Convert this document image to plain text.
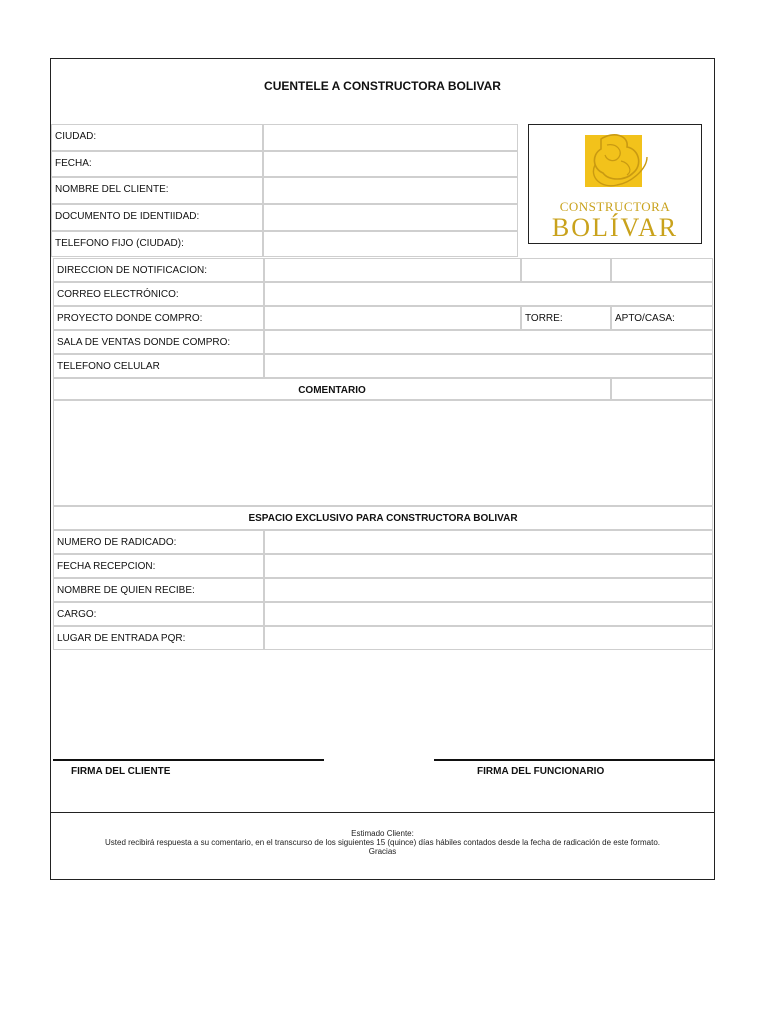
CUENTELE A CONSTRUCTORA BOLIVAR
CIUDAD:
FECHA:
NOMBRE DEL CLIENTE:
DOCUMENTO DE IDENTIIDAD:
TELEFONO FIJO (CIUDAD):
CONSTRUCTORA
BOLÍVAR
DIRECCION DE NOTIFICACION:
CORREO ELECTRÓNICO:
PROYECTO DONDE COMPRO:	TORRE:	APTO/CASA:
SALA DE VENTAS DONDE COMPRO:
TELEFONO CELULAR
COMENTARIO
ESPACIO EXCLUSIVO PARA CONSTRUCTORA BOLIVAR
NUMERO DE RADICADO:
FECHA RECEPCION:
NOMBRE DE QUIEN RECIBE:
CARGO:
LUGAR DE ENTRADA PQR:
FIRMA DEL CLIENTE	FIRMA DEL FUNCIONARIO
Estimado Cliente:
Usted recibirá respuesta a su comentario, en el transcurso de los siguientes 15 (quince) días hábiles contados desde la fecha de radicación de este formato.
Gracias
